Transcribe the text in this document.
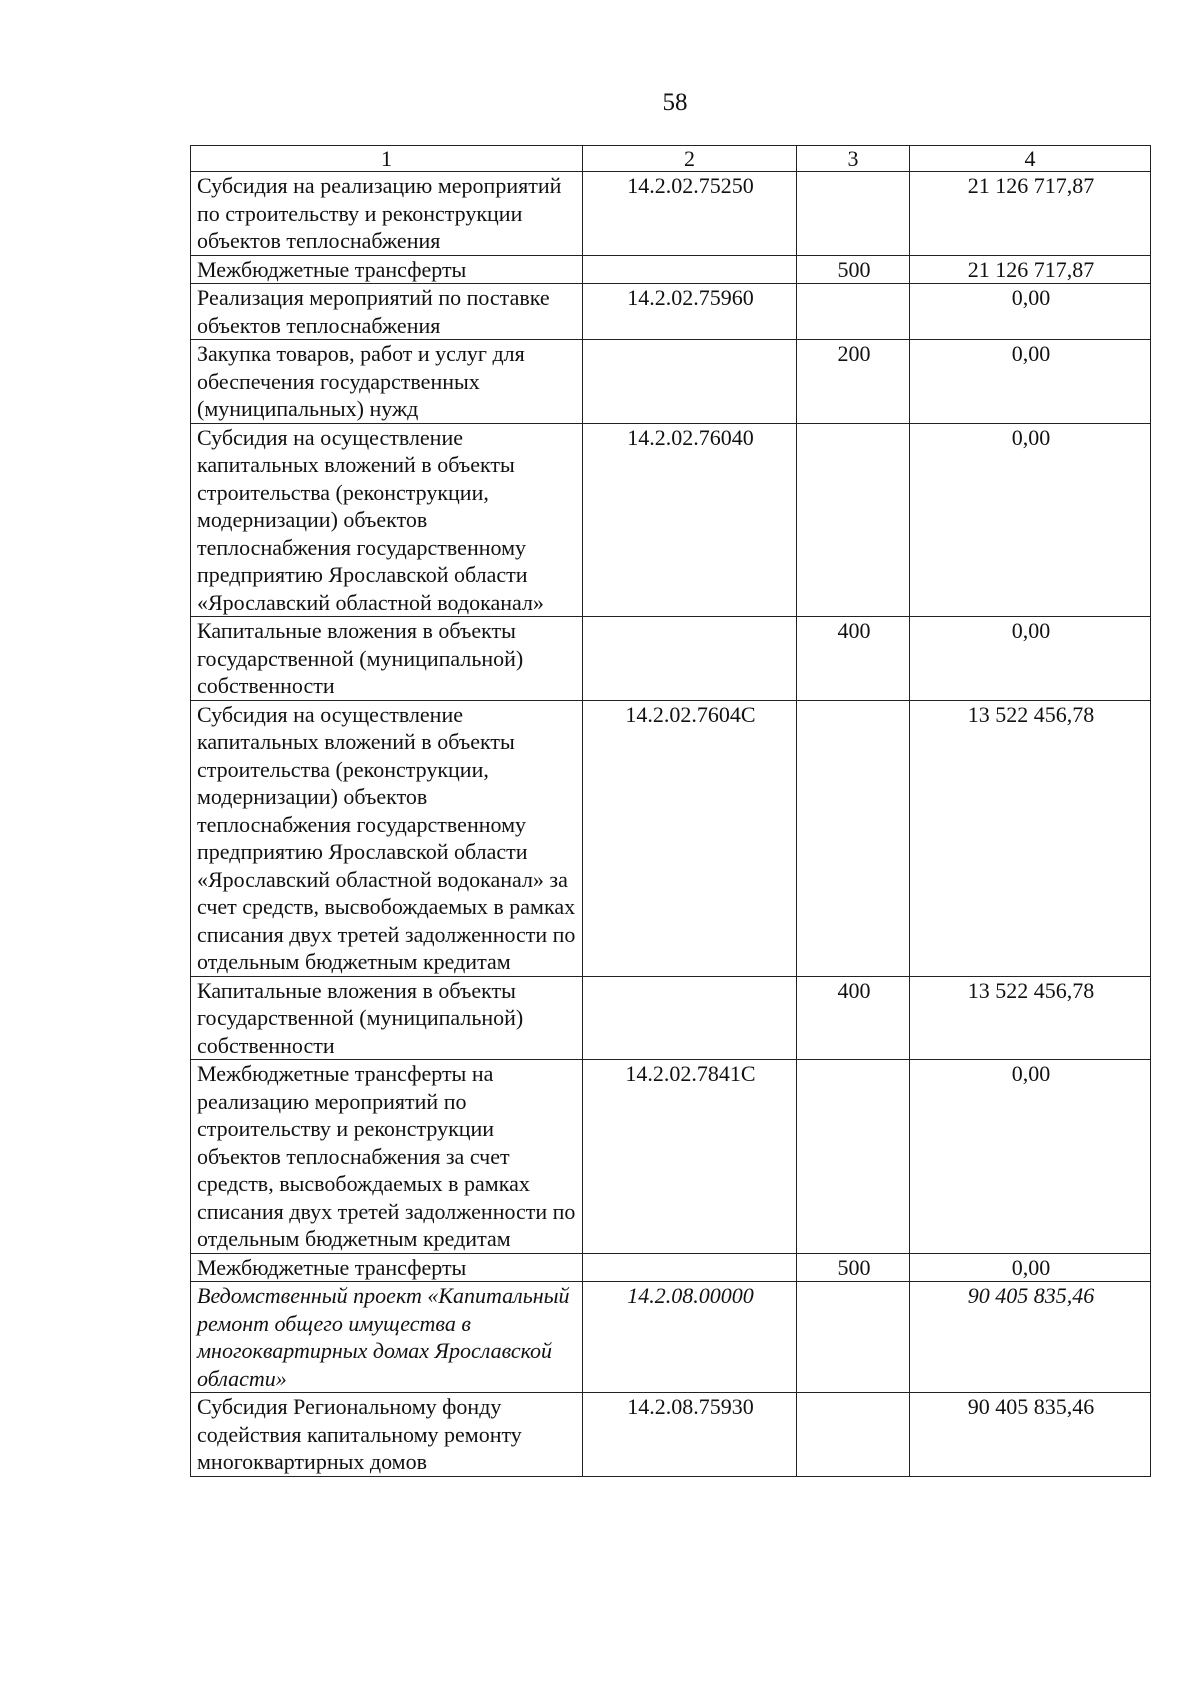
58
1	2	3	4
Субсидия на реализацию мероприятий по строительству и реконструкции объектов теплоснабжения	14.2.02.75250		21 126 717,87
Межбюджетные трансферты		500	21 126 717,87
Реализация мероприятий по поставке объектов теплоснабжения	14.2.02.75960		0,00
Закупка товаров, работ и услуг для обеспечения государственных (муниципальных) нужд		200	0,00
Субсидия на осуществление капитальных вложений в объекты строительства (реконструкции, модернизации) объектов теплоснабжения государственному предприятию Ярославской области «Ярославский областной водоканал»	14.2.02.76040		0,00
Капитальные вложения в объекты государственной (муниципальной) собственности		400	0,00
Субсидия на осуществление капитальных вложений в объекты строительства (реконструкции, модернизации) объектов теплоснабжения государственному предприятию Ярославской области «Ярославский областной водоканал» за счет средств, высвобождаемых в рамках списания двух третей задолженности по отдельным бюджетным кредитам	14.2.02.7604С		13 522 456,78
Капитальные вложения в объекты государственной (муниципальной) собственности		400	13 522 456,78
Межбюджетные трансферты на реализацию мероприятий по строительству и реконструкции объектов теплоснабжения за счет средств, высвобождаемых в рамках списания двух третей задолженности по отдельным бюджетным кредитам	14.2.02.7841С		0,00
Межбюджетные трансферты		500	0,00
Ведомственный проект «Капитальный ремонт общего имущества в многоквартирных домах Ярославской области»	14.2.08.00000		90 405 835,46
Субсидия Региональному фонду содействия капитальному ремонту многоквартирных домов	14.2.08.75930		90 405 835,46
